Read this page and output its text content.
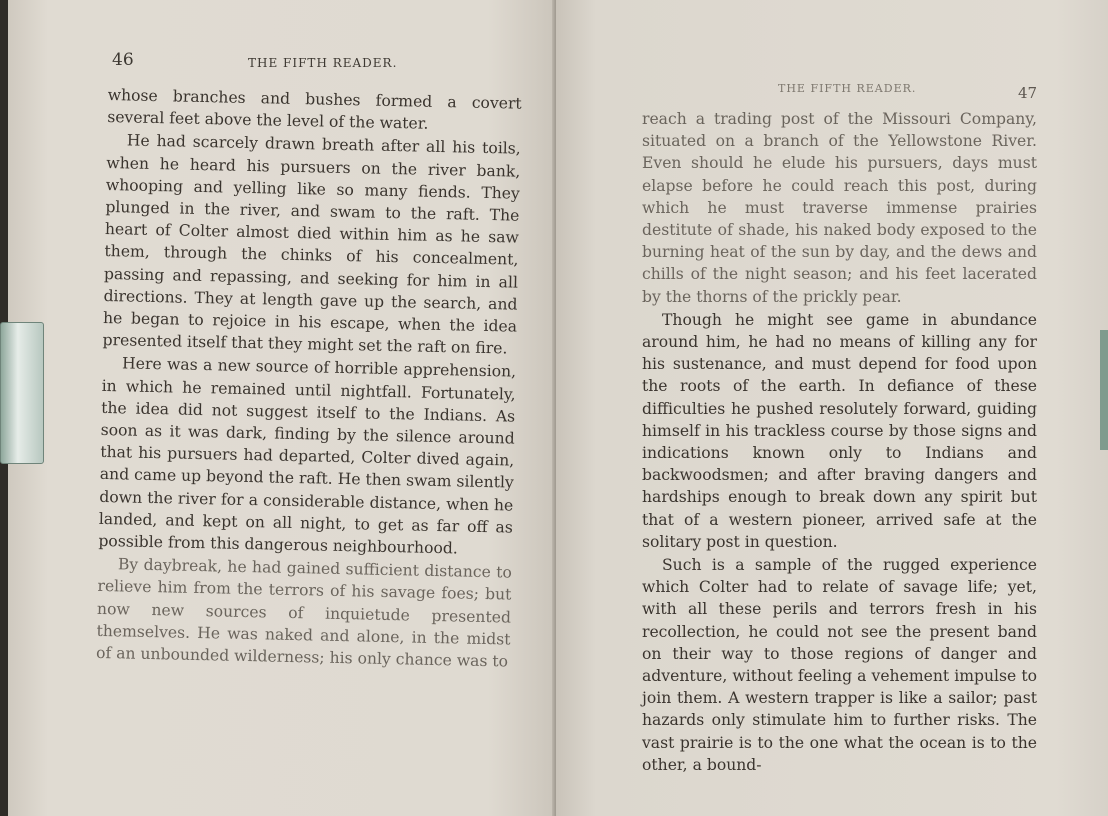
46	THE FIFTH READER.

whose branches and bushes formed a covert several feet above the level of the water.

He had scarcely drawn breath after all his toils, when he heard his pursuers on the river bank, whooping and yelling like so many fiends. They plunged in the river, and swam to the raft. The heart of Colter almost died within him as he saw them, through the chinks of his concealment, passing and repassing, and seeking for him in all directions. They at length gave up the search, and he began to rejoice in his escape, when the idea presented itself that they might set the raft on fire.

Here was a new source of horrible apprehension, in which he remained until nightfall. Fortunately, the idea did not suggest itself to the Indians. As soon as it was dark, finding by the silence around that his pursuers had departed, Colter dived again, and came up beyond the raft. He then swam silently down the river for a considerable distance, when he landed, and kept on all night, to get as far off as possible from this dangerous neighbourhood.

By daybreak, he had gained sufficient distance to relieve him from the terrors of his savage foes; but now new sources of inquietude presented themselves. He was naked and alone, in the midst of an unbounded wilderness; his only chance was to

THE FIFTH READER.	47

reach a trading post of the Missouri Company, situated on a branch of the Yellowstone River. Even should he elude his pursuers, days must elapse before he could reach this post, during which he must traverse immense prairies destitute of shade, his naked body exposed to the burning heat of the sun by day, and the dews and chills of the night season; and his feet lacerated by the thorns of the prickly pear.

Though he might see game in abundance around him, he had no means of killing any for his sustenance, and must depend for food upon the roots of the earth. In defiance of these difficulties he pushed resolutely forward, guiding himself in his trackless course by those signs and indications known only to Indians and backwoodsmen; and after braving dangers and hardships enough to break down any spirit but that of a western pioneer, arrived safe at the solitary post in question.

Such is a sample of the rugged experience which Colter had to relate of savage life; yet, with all these perils and terrors fresh in his recollection, he could not see the present band on their way to those regions of danger and adventure, without feeling a vehement impulse to join them. A western trapper is like a sailor; past hazards only stimulate him to further risks. The vast prairie is to the one what the ocean is to the other, a bound-
